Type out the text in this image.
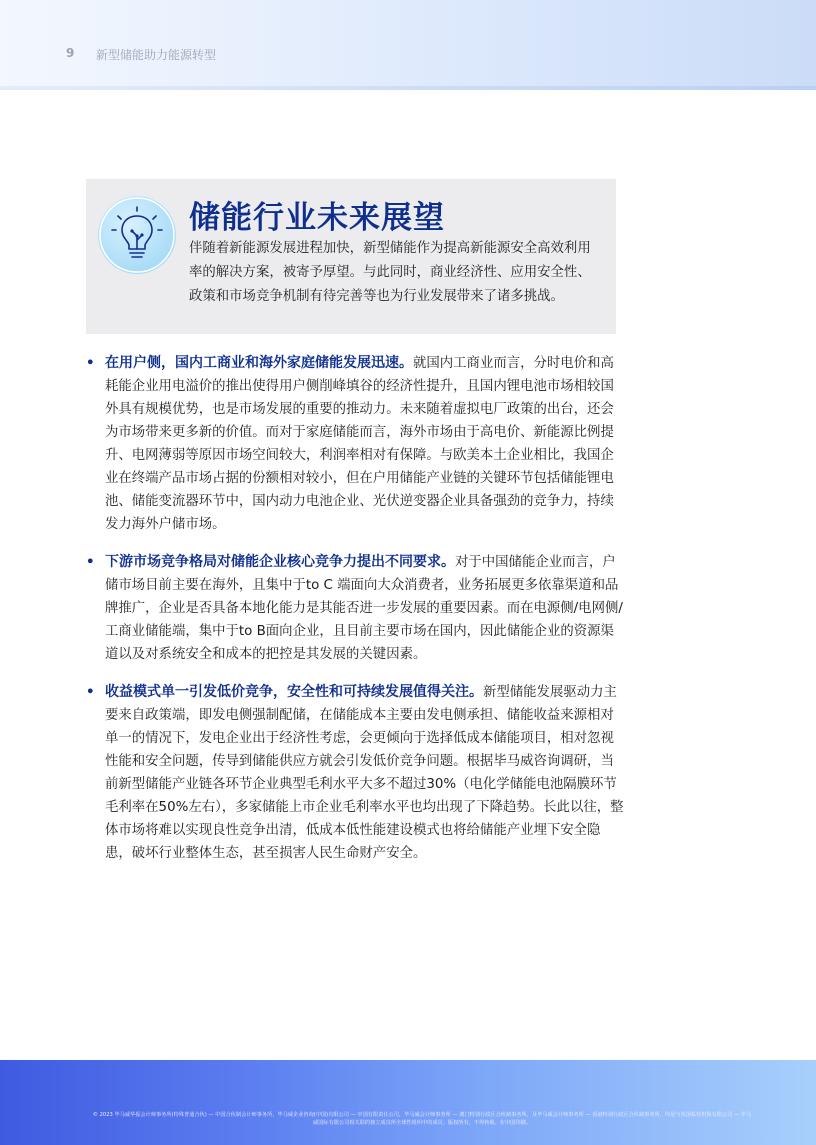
9 新型储能助力能源转型
储能行业未来展望
伴随着新能源发展进程加快，新型储能作为提高新能源安全高效利用率的解决方案，被寄予厚望。与此同时，商业经济性、应用安全性、政策和市场竞争机制有待完善等也为行业发展带来了诸多挑战。
• 在用户侧，国内工商业和海外家庭储能发展迅速。就国内工商业而言，分时电价和高耗能企业用电溢价的推出使得用户侧削峰填谷的经济性提升，且国内锂电池市场相较国外具有规模优势，也是市场发展的重要的推动力。未来随着虚拟电厂政策的出台，还会为市场带来更多新的价值。而对于家庭储能而言，海外市场由于高电价、新能源比例提升、电网薄弱等原因市场空间较大，利润率相对有保障。与欧美本土企业相比，我国企业在终端产品市场占据的份额相对较小，但在户用储能产业链的关键环节包括储能锂电池、储能变流器环节中，国内动力电池企业、光伏逆变器企业具备强劲的竞争力，持续发力海外户储市场。
• 下游市场竞争格局对储能企业核心竞争力提出不同要求。对于中国储能企业而言，户储市场目前主要在海外，且集中于to C 端面向大众消费者，业务拓展更多依靠渠道和品牌推广，企业是否具备本地化能力是其能否进一步发展的重要因素。而在电源侧/电网侧/工商业储能端，集中于to B面向企业，且目前主要市场在国内，因此储能企业的资源渠道以及对系统安全和成本的把控是其发展的关键因素。
• 收益模式单一引发低价竞争，安全性和可持续发展值得关注。新型储能发展驱动力主要来自政策端，即发电侧强制配储，在储能成本主要由发电侧承担、储能收益来源相对单一的情况下，发电企业出于经济性考虑，会更倾向于选择低成本储能项目，相对忽视性能和安全问题，传导到储能供应方就会引发低价竞争问题。根据毕马威咨询调研，当前新型储能产业链各环节企业典型毛利水平大多不超过30%（电化学储能电池隔膜环节毛利率在50%左右），多家储能上市企业毛利率水平也均出现了下降趋势。长此以往，整体市场将难以实现良性竞争出清，低成本低性能建设模式也将给储能产业埋下安全隐患，破坏行业整体生态，甚至损害人民生命财产安全。
© 2023 毕马威华振会计师事务所(特殊普通合伙) — 中国合伙制会计师事务所，毕马威企业咨询(中国)有限公司 — 中国有限责任公司，毕马威会计师事务所 — 澳门特别行政区合伙制事务所，及毕马威会计师事务所 — 香港特别行政区合伙制事务所，均是与英国私营担保有限公司 — 毕马威国际有限公司相关联的独立成员所全球性组织中的成员。版权所有，不得转载。在中国印刷。
